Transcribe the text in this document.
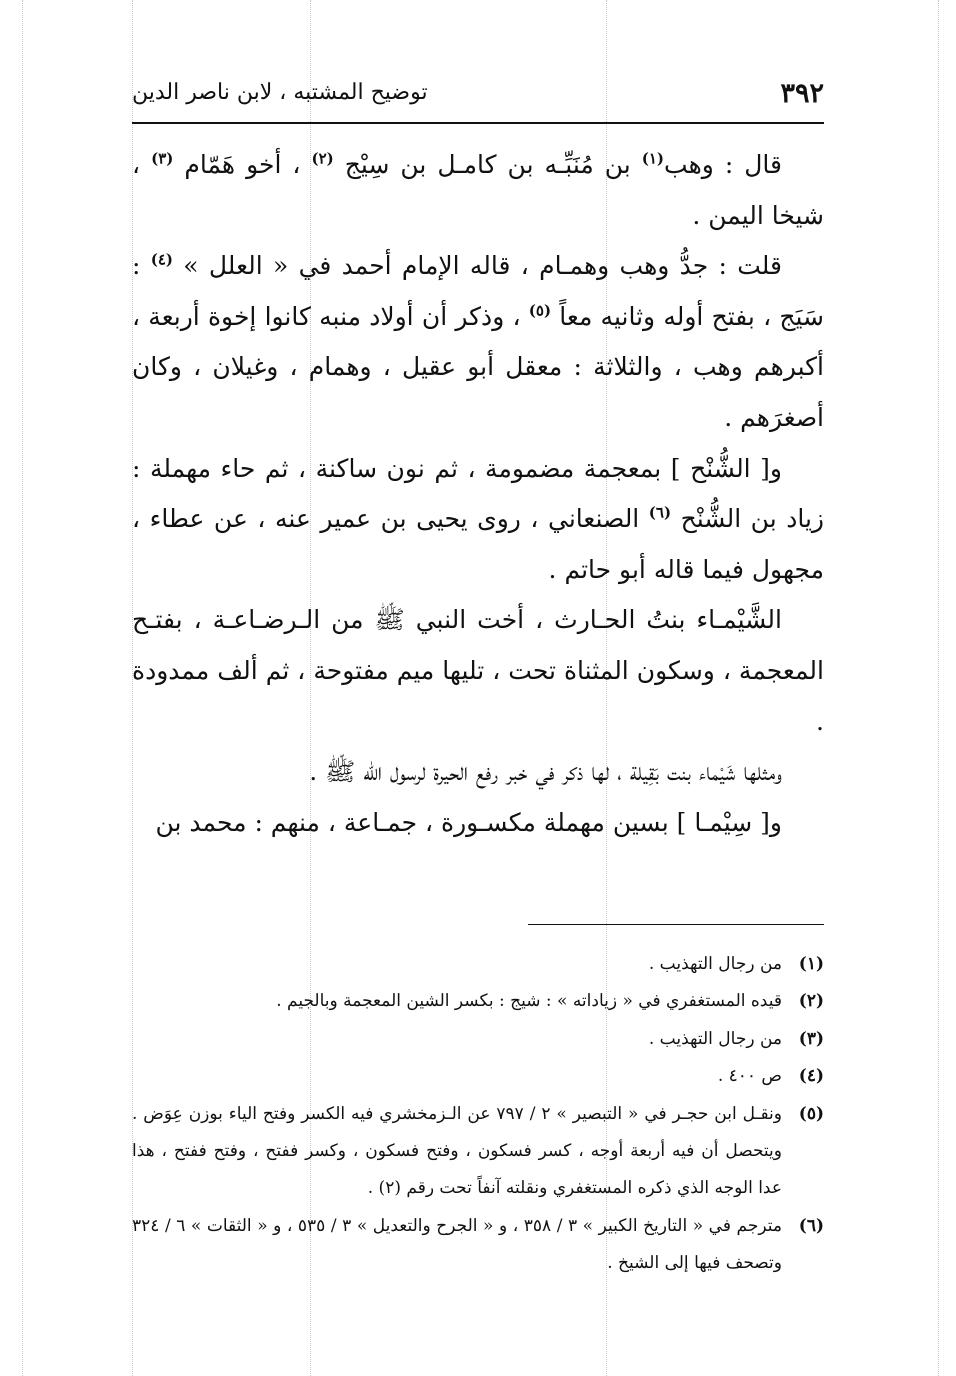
٣٩٢
توضيح المشتبه ، لابن ناصر الدين

قال : وهب$^{(١)}$ بن مُنَبِّـه بن كامـل بن سِيْج $^{(٢)}$ ، أخو هَمّام $^{(٣)}$ ، شيخا اليمن .

قلت : جدُّ وهب وهمـام ، قاله الإمام أحمد في « العلل » $^{(٤)}$ : سَيَج ، بفتح أوله وثانيه معاً $^{(٥)}$ ، وذكر أن أولاد منبه كانوا إخوة أربعة ، أكبرهم وهب ، والثلاثة : معقل أبو عقيل ، وهمام ، وغيلان ، وكان أصغرَهم .

و[ الشُّنْح ] بمعجمة مضمومة ، ثم نون ساكنة ، ثم حاء مهملة : زياد بن الشُّنْح $^{(٦)}$ الصنعاني ، روى يحيى بن عمير عنه ، عن عطاء ، مجهول فيما قاله أبو حاتم .

الشَّيْمـاء بنتُ الحـارث ، أخت النبي ﷺ من الـرضـاعـة ، بفتـح المعجمة ، وسكون المثناة تحت ، تليها ميم مفتوحة ، ثم ألف ممدودة .

ومثلها شَيْماء بنت بَقِيلة ، لها ذكر في خبر رفع الحيرة لرسول الله ﷺ .

و[ سِيْمـا ] بسين مهملة مكسـورة ، جمـاعة ، منهم : محمد بن

(١)
من رجال التهذيب .

(٢)
قيده المستغفري في « زياداته » : شيج : بكسر الشين المعجمة وبالجيم .

(٣)
من رجال التهذيب .

(٤)
ص ٤٠٠ .

(٥)
ونقـل ابن حجـر في « التبصير » ٢ / ٧٩٧ عن الـزمخشري فيه الكسر وفتح الياء بوزن عِوَض . ويتحصل أن فيه أربعة أوجه ، كسر فسكون ، وفتح فسكون ، وكسر ففتح ، وفتح ففتح ، هذا عدا الوجه الذي ذكره المستغفري ونقلته آنفاً تحت رقم (٢) .

(٦)
مترجم في « التاريخ الكبير » ٣ / ٣٥٨ ، و « الجرح والتعديل » ٣ / ٥٣٥ ، و « الثقات » ٦ / ٣٢٤ وتصحف فيها إلى الشيخ .
